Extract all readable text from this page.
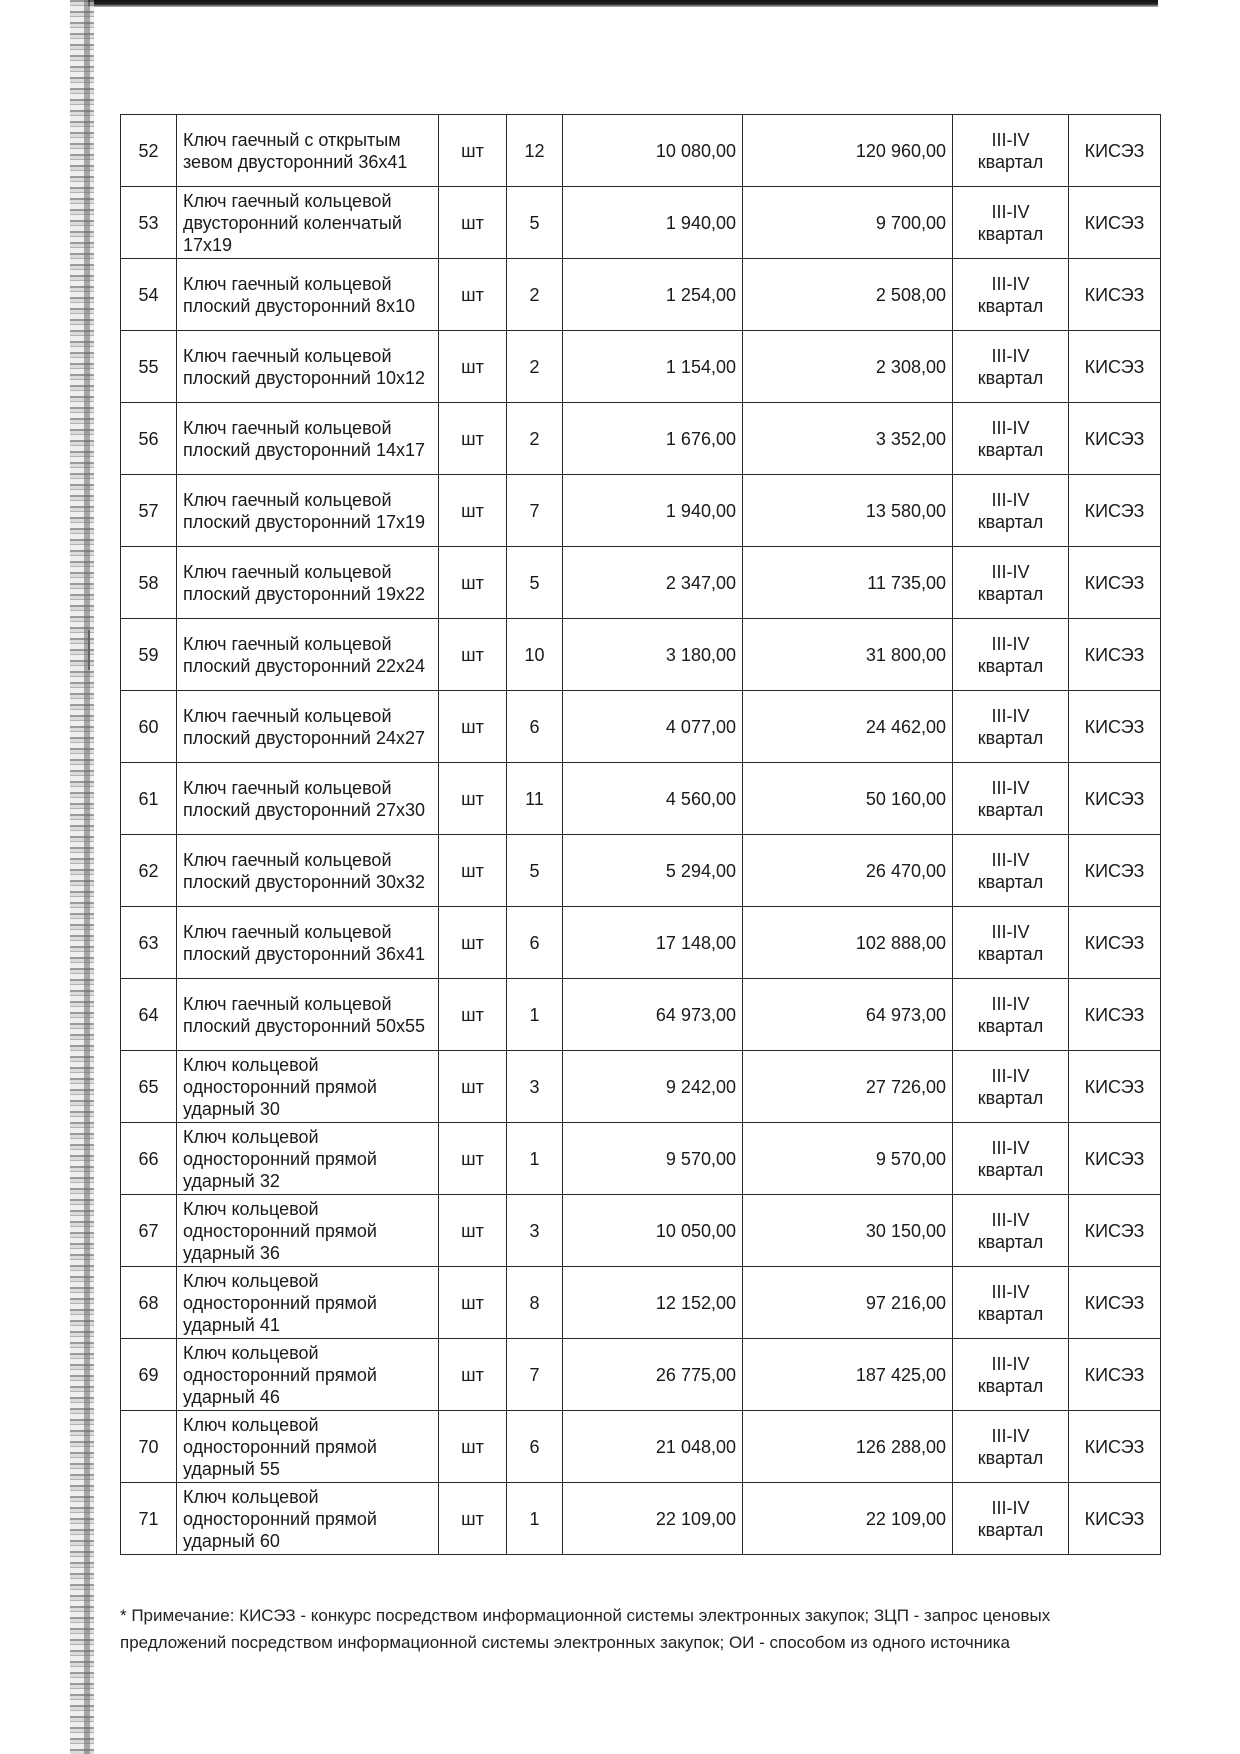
52	Ключ гаечный с открытым зевом двусторонний 36х41	шт	12	10 080,00	120 960,00	III-IV квартал	КИСЭЗ
53	Ключ гаечный кольцевой двусторонний коленчатый 17х19	шт	5	1 940,00	9 700,00	III-IV квартал	КИСЭЗ
54	Ключ гаечный кольцевой плоский двусторонний 8х10	шт	2	1 254,00	2 508,00	III-IV квартал	КИСЭЗ
55	Ключ гаечный кольцевой плоский двусторонний 10х12	шт	2	1 154,00	2 308,00	III-IV квартал	КИСЭЗ
56	Ключ гаечный кольцевой плоский двусторонний 14х17	шт	2	1 676,00	3 352,00	III-IV квартал	КИСЭЗ
57	Ключ гаечный кольцевой плоский двусторонний 17х19	шт	7	1 940,00	13 580,00	III-IV квартал	КИСЭЗ
58	Ключ гаечный кольцевой плоский двусторонний 19х22	шт	5	2 347,00	11 735,00	III-IV квартал	КИСЭЗ
59	Ключ гаечный кольцевой плоский двусторонний 22х24	шт	10	3 180,00	31 800,00	III-IV квартал	КИСЭЗ
60	Ключ гаечный кольцевой плоский двусторонний 24х27	шт	6	4 077,00	24 462,00	III-IV квартал	КИСЭЗ
61	Ключ гаечный кольцевой плоский двусторонний 27х30	шт	11	4 560,00	50 160,00	III-IV квартал	КИСЭЗ
62	Ключ гаечный кольцевой плоский двусторонний 30х32	шт	5	5 294,00	26 470,00	III-IV квартал	КИСЭЗ
63	Ключ гаечный кольцевой плоский двусторонний 36х41	шт	6	17 148,00	102 888,00	III-IV квартал	КИСЭЗ
64	Ключ гаечный кольцевой плоский двусторонний 50х55	шт	1	64 973,00	64 973,00	III-IV квартал	КИСЭЗ
65	Ключ кольцевой односторонний прямой ударный 30	шт	3	9 242,00	27 726,00	III-IV квартал	КИСЭЗ
66	Ключ кольцевой односторонний прямой ударный 32	шт	1	9 570,00	9 570,00	III-IV квартал	КИСЭЗ
67	Ключ кольцевой односторонний прямой ударный 36	шт	3	10 050,00	30 150,00	III-IV квартал	КИСЭЗ
68	Ключ кольцевой односторонний прямой ударный 41	шт	8	12 152,00	97 216,00	III-IV квартал	КИСЭЗ
69	Ключ кольцевой односторонний прямой ударный 46	шт	7	26 775,00	187 425,00	III-IV квартал	КИСЭЗ
70	Ключ кольцевой односторонний прямой ударный 55	шт	6	21 048,00	126 288,00	III-IV квартал	КИСЭЗ
71	Ключ кольцевой односторонний прямой ударный 60	шт	1	22 109,00	22 109,00	III-IV квартал	КИСЭЗ
* Примечание: КИСЭЗ - конкурс посредством информационной системы электронных закупок; ЗЦП - запрос ценовых предложений посредством информационной системы электронных закупок; ОИ - способом из одного источника
